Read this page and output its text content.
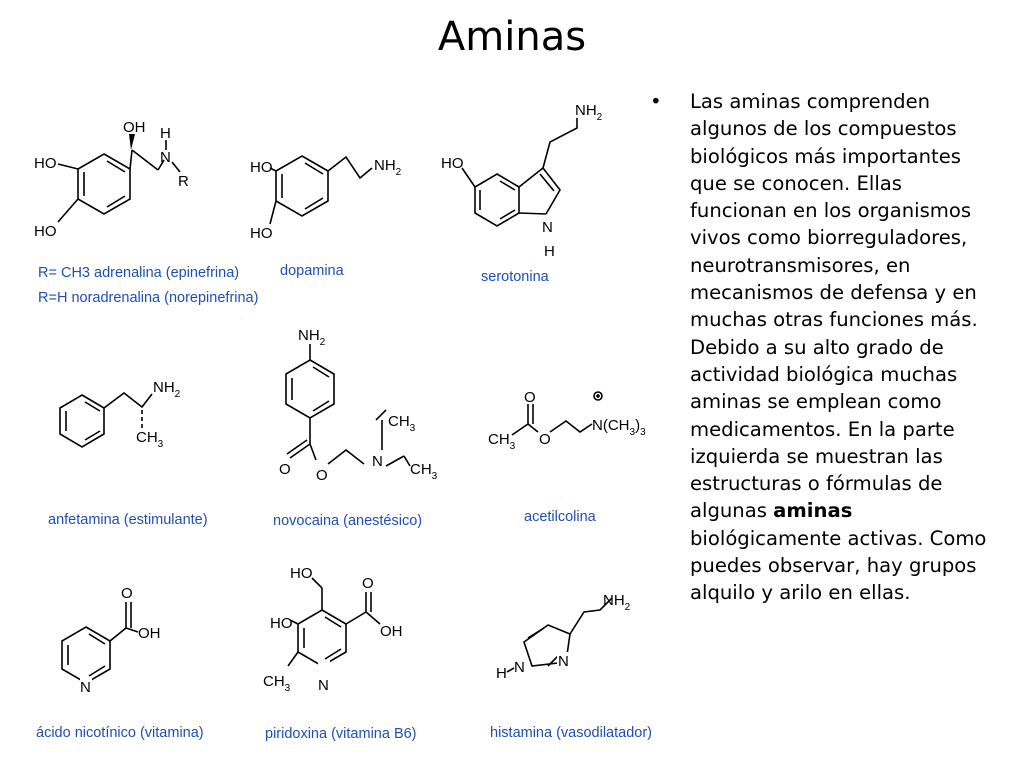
Aminas
HO
HO
OH H
N
R
R= CH3 adrenalina (epinefrina)
R=H noradrenalina (norepinefrina)
HO
HO
$NH_2$
dopamina
HO
N
H
$NH_2$
serotonina
$NH_2$
$CH_3$
anfetamina (estimulante)
$NH_2$
O O
N
$CH_3$
$CH_3$
novocaina (anestésico)
O
$CH_3$ O
$N(CH_3)_3$
acetilcolina
N
O
OH
ácido nicotínico (vitamina)
HO
HO
$CH_3$ N
O
OH
piridoxina (vitamina B6)
N
N
H
$NH_2$
histamina (vasodilatador)
• Las aminas comprenden algunos de los compuestos biológicos más importantes que se conocen. Ellas funcionan en los organismos vivos como biorreguladores, neurotransmisores, en mecanismos de defensa y en muchas otras funciones más. Debido a su alto grado de actividad biológica muchas aminas se emplean como medicamentos. En la parte izquierda se muestran las estructuras o fórmulas de algunas aminas biológicamente activas. Como puedes observar, hay grupos alquilo y arilo en ellas.
